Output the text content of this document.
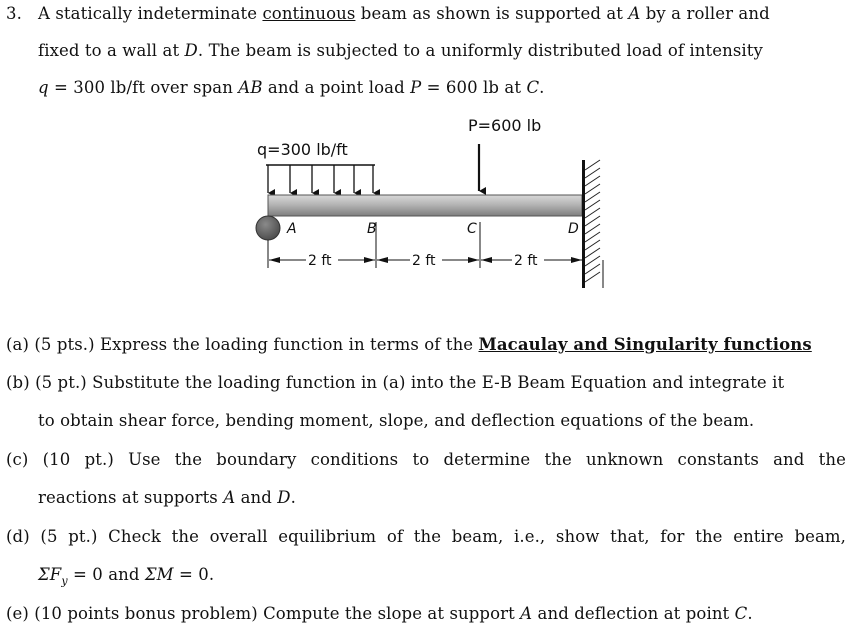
3. A statically indeterminate continuous beam as shown is supported at A by a roller and
fixed to a wall at D. The beam is subjected to a uniformly distributed load of intensity
q = 300 lb/ft over span AB and a point load P = 600 lb at C.
q=300 lb/ft
P=600 lb
A	B	C	D
2 ft	2 ft	2 ft
(a) (5 pts.) Express the loading function in terms of the Macaulay and Singularity functions
(b) (5 pt.) Substitute the loading function in (a) into the E-B Beam Equation and integrate it
to obtain shear force, bending moment, slope, and deflection equations of the beam.
(c) (10 pt.) Use the boundary conditions to determine the unknown constants and the
reactions at supports A and D.
(d) (5 pt.) Check the overall equilibrium of the beam, i.e., show that, for the entire beam,
$\Sigma F_y = 0$ and ΣM = 0.
(e) (10 points bonus problem) Compute the slope at support A and deflection at point C.
